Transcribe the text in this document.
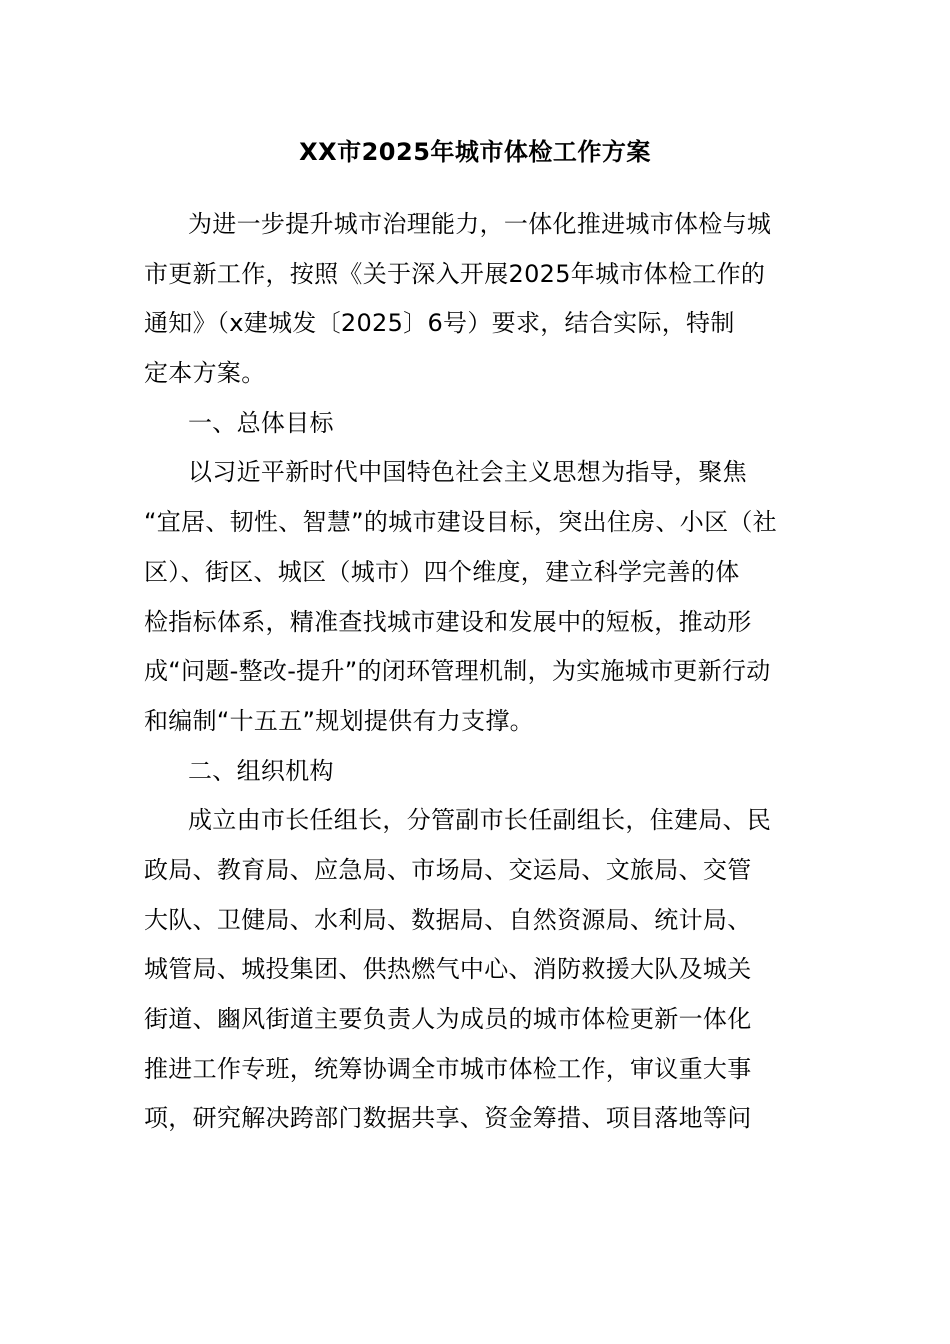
XX市2025年城市体检工作方案
为进一步提升城市治理能力，一体化推进城市体检与城
市更新工作，按照《关于深入开展2025年城市体检工作的
通知》（x建城发〔2025〕6号）要求，结合实际，特制
定本方案。
一、总体目标
以习近平新时代中国特色社会主义思想为指导，聚焦
“宜居、韧性、智慧”的城市建设目标，突出住房、小区（社
区）、街区、城区（城市）四个维度，建立科学完善的体
检指标体系，精准查找城市建设和发展中的短板，推动形
成“问题-整改-提升”的闭环管理机制，为实施城市更新行动
和编制“十五五”规划提供有力支撑。
二、组织机构
成立由市长任组长，分管副市长任副组长，住建局、民
政局、教育局、应急局、市场局、交运局、文旅局、交管
大队、卫健局、水利局、数据局、自然资源局、统计局、
城管局、城投集团、供热燃气中心、消防救援大队及城关
街道、豳风街道主要负责人为成员的城市体检更新一体化
推进工作专班，统筹协调全市城市体检工作，审议重大事
项，研究解决跨部门数据共享、资金筹措、项目落地等问
